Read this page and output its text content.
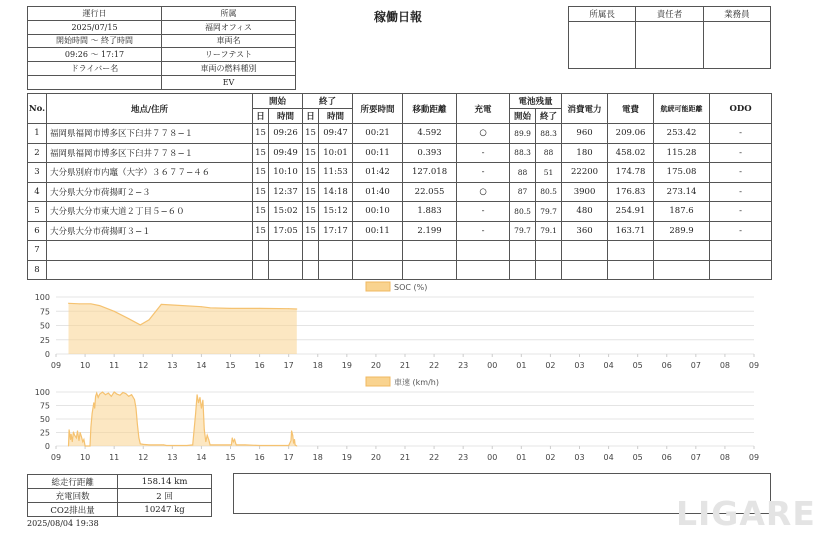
稼働日報
運行日	所属
2025/07/15	福岡オフィス
開始時間 ～ 終了時間	車両名
09:26 ～ 17:17	リーフテスト
ドライバー名	車両の燃料種別
	EV
所属長	責任者	業務員

No.	地点/住所	開始		終了		所要時間	移動距離	充電	電池残量		消費電力	電費	航続可能距離	ODO
		日	時間	日	時間				開始	終了				
1	福岡県福岡市博多区下臼井７７８−１	15	09:26	15	09:47	00:21	4.592	○	89.9	88.3	960	209.06	253.42	-
2	福岡県福岡市博多区下臼井７７８−１	15	09:49	15	10:01	00:11	0.393	-	88.3	88	180	458.02	115.28	-
3	大分県別府市内竈（大字）３６７７−４６	15	10:10	15	11:53	01:42	127.018	-	88	51	22200	174.78	175.08	-
4	大分県大分市荷揚町２−３	15	12:37	15	14:18	01:40	22.055	○	87	80.5	3900	176.83	273.14	-
5	大分県大分市東大道２丁目５−６０	15	15:02	15	15:12	00:10	1.883	-	80.5	79.7	480	254.91	187.6	-
6	大分県大分市荷揚町３−１	15	17:05	15	17:17	00:11	2.199	-	79.7	79.1	360	163.71	289.9	-
7														
8														
SOC (%)
0
25
50
75
100
09 10 11 12 13 14 15 16 17 18 19 20 21 22 23 00 01 02 03 04 05 06 07 08 09
車速 (km/h)
0
25
50
75
100
09 10 11 12 13 14 15 16 17 18 19 20 21 22 23 00 01 02 03 04 05 06 07 08 09
総走行距離	158.14 km
充電回数	2 回
CO2排出量	10247 kg
2025/08/04 19:38	LIGARE
